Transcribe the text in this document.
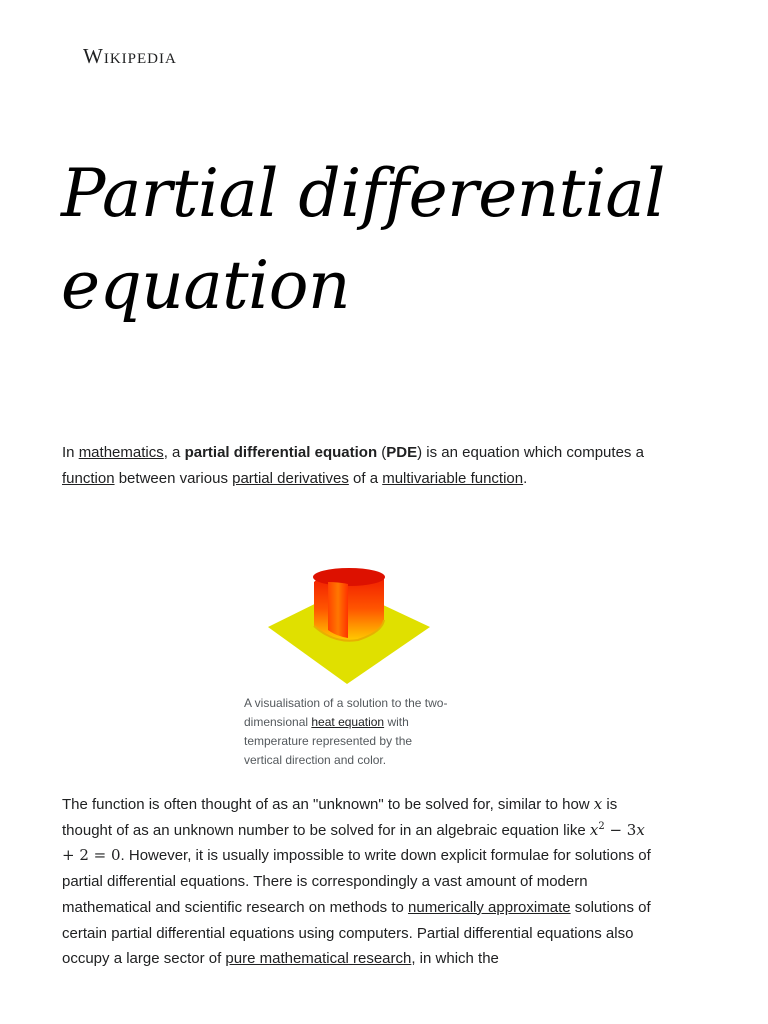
Wikipedia
Partial differential equation

In mathematics, a partial differential equation (PDE) is an equation which computes a function between various partial derivatives of a multivariable function.

A visualisation of a solution to the two-dimensional heat equation with temperature represented by the vertical direction and color.

The function is often thought of as an "unknown" to be solved for, similar to how x is thought of as an unknown number to be solved for in an algebraic equation like $x^2 - 3x + 2 = 0$. However, it is usually impossible to write down explicit formulae for solutions of partial differential equations. There is correspondingly a vast amount of modern mathematical and scientific research on methods to numerically approximate solutions of certain partial differential equations using computers. Partial differential equations also occupy a large sector of pure mathematical research, in which the
